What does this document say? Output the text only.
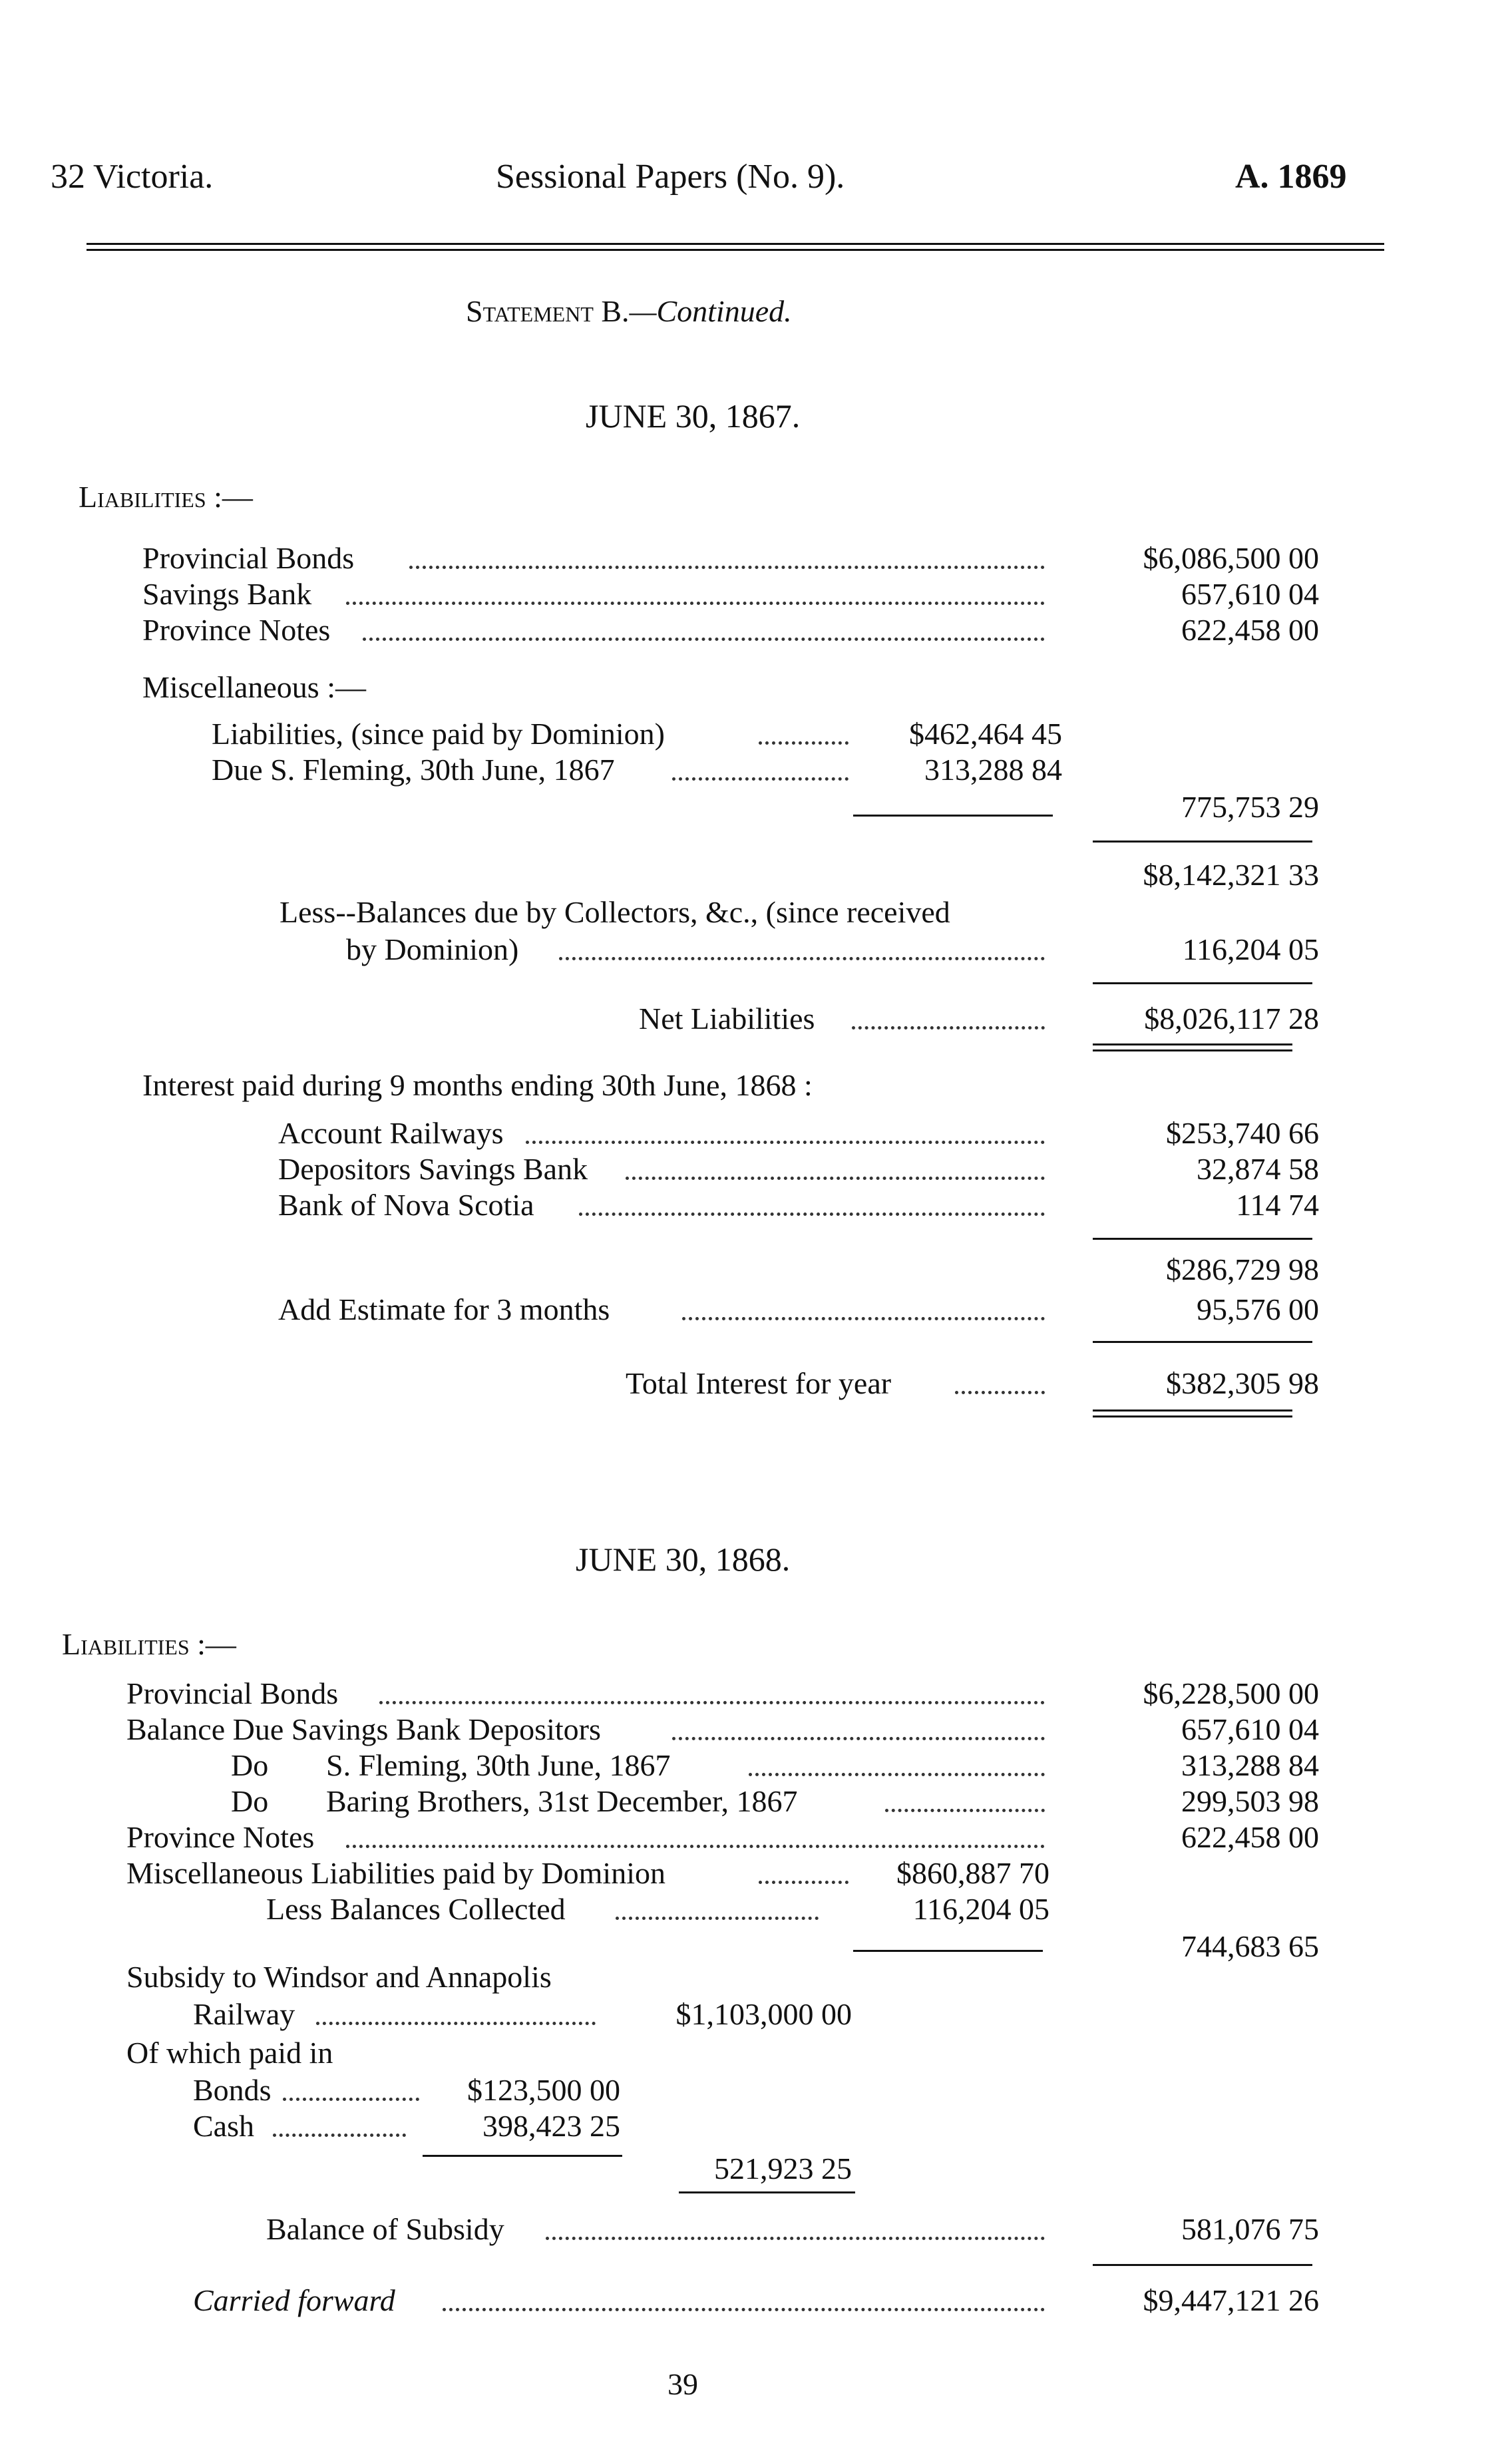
32 Victoria.	Sessional Papers (No. 9).	A. 1869
Statement B.—Continued.
JUNE 30, 1867.
Liabilities :—
Provincial Bonds	$6,086,500 00
Savings Bank	657,610 04
Province Notes	622,458 00
Miscellaneous :—
Liabilities, (since paid by Dominion)	$462,464 45
Due S. Fleming, 30th June, 1867	313,288 84
775,753 29
$8,142,321 33
Less--Balances due by Collectors, &c., (since received
by Dominion)	116,204 05
Net Liabilities	$8,026,117 28
Interest paid during 9 months ending 30th June, 1868 :
Account Railways	$253,740 66
Depositors Savings Bank	32,874 58
Bank of Nova Scotia	114 74
$286,729 98
Add Estimate for 3 months	95,576 00
Total Interest for year	$382,305 98
JUNE 30, 1868.
Liabilities :—
Provincial Bonds	$6,228,500 00
Balance Due Savings Bank Depositors	657,610 04
Do S. Fleming, 30th June, 1867	313,288 84
Do Baring Brothers, 31st December, 1867	299,503 98
Province Notes	622,458 00
Miscellaneous Liabilities paid by Dominion	$860,887 70
Less Balances Collected	116,204 05
744,683 65
Subsidy to Windsor and Annapolis
Railway	$1,103,000 00
Of which paid in
Bonds	$123,500 00
Cash	398,423 25
521,923 25
Balance of Subsidy	581,076 75
Carried forward	$9,447,121 26
39
